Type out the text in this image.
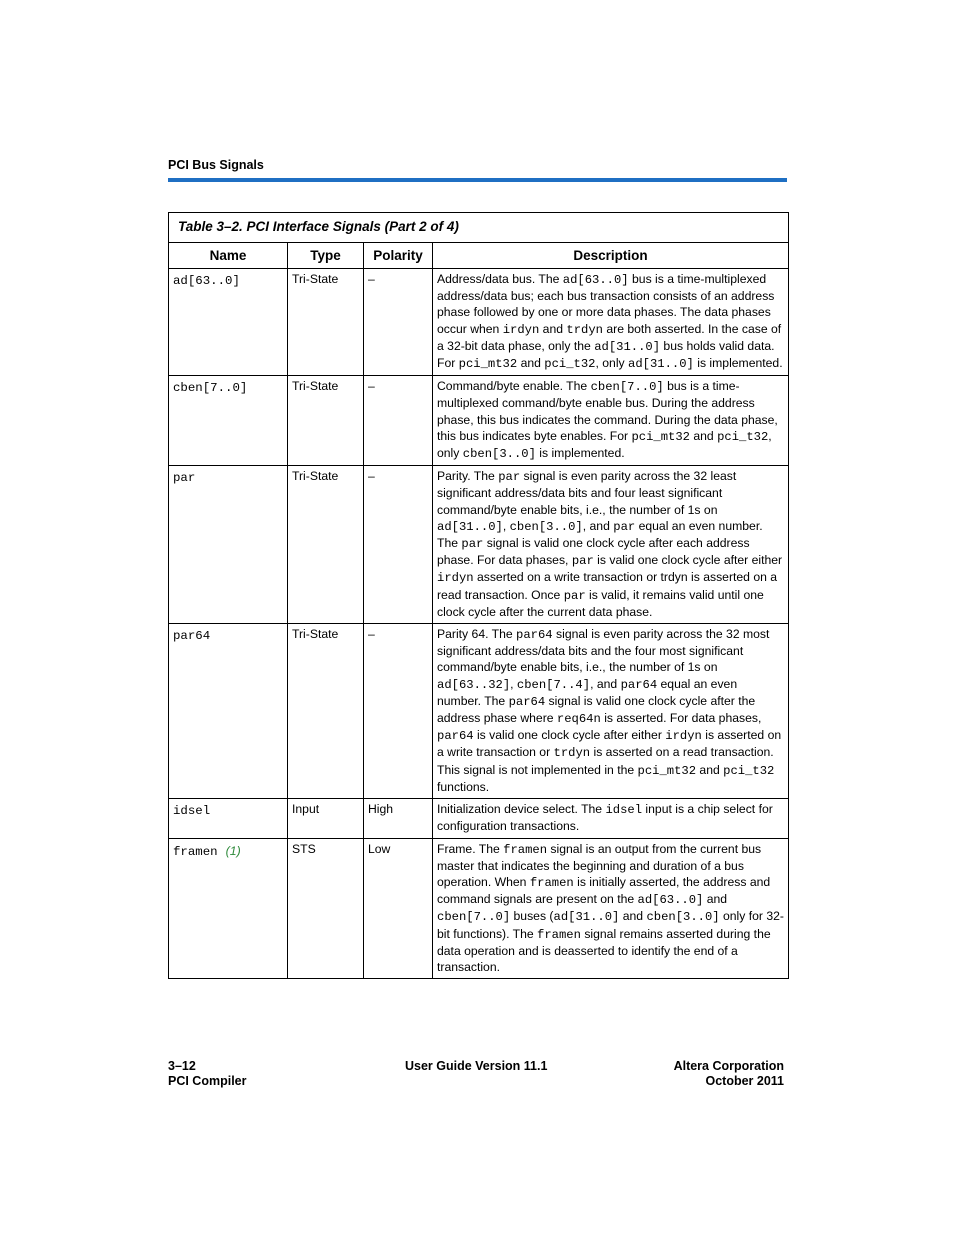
PCI Bus Signals
Table 3–2. PCI Interface Signals (Part 2 of 4)			
Name	Type	Polarity	Description
ad[63..0]	Tri-State	–	Address/data bus. The ad[63..0] bus is a time-multiplexed address/data bus; each bus transaction consists of an address phase followed by one or more data phases. The data phases occur when irdyn and trdyn are both asserted. In the case of a 32-bit data phase, only the ad[31..0] bus holds valid data. For pci_mt32 and pci_t32, only ad[31..0] is implemented.
cben[7..0]	Tri-State	–	Command/byte enable. The cben[7..0] bus is a time-multiplexed command/byte enable bus. During the address phase, this bus indicates the command. During the data phase, this bus indicates byte enables. For pci_mt32 and pci_t32, only cben[3..0] is implemented.
par	Tri-State	–	Parity. The par signal is even parity across the 32 least significant address/data bits and four least significant command/byte enable bits, i.e., the number of 1s on ad[31..0], cben[3..0], and par equal an even number. The par signal is valid one clock cycle after each address phase. For data phases, par is valid one clock cycle after either irdyn asserted on a write transaction or trdyn is asserted on a read transaction. Once par is valid, it remains valid until one clock cycle after the current data phase.
par64	Tri-State	–	Parity 64. The par64 signal is even parity across the 32 most significant address/data bits and the four most significant command/byte enable bits, i.e., the number of 1s on ad[63..32], cben[7..4], and par64 equal an even number. The par64 signal is valid one clock cycle after the address phase where req64n is asserted. For data phases, par64 is valid one clock cycle after either irdyn is asserted on a write transaction or trdyn is asserted on a read transaction. This signal is not implemented in the pci_mt32 and pci_t32 functions.
idsel	Input	High	Initialization device select. The idsel input is a chip select for configuration transactions.
framen (1)	STS	Low	Frame. The framen signal is an output from the current bus master that indicates the beginning and duration of a bus operation. When framen is initially asserted, the address and command signals are present on the ad[63..0] and cben[7..0] buses (ad[31..0] and cben[3..0] only for 32-bit functions). The framen signal remains asserted during the data operation and is deasserted to identify the end of a transaction.
3–12
PCI Compiler
User Guide Version 11.1	Altera Corporation
October 2011
